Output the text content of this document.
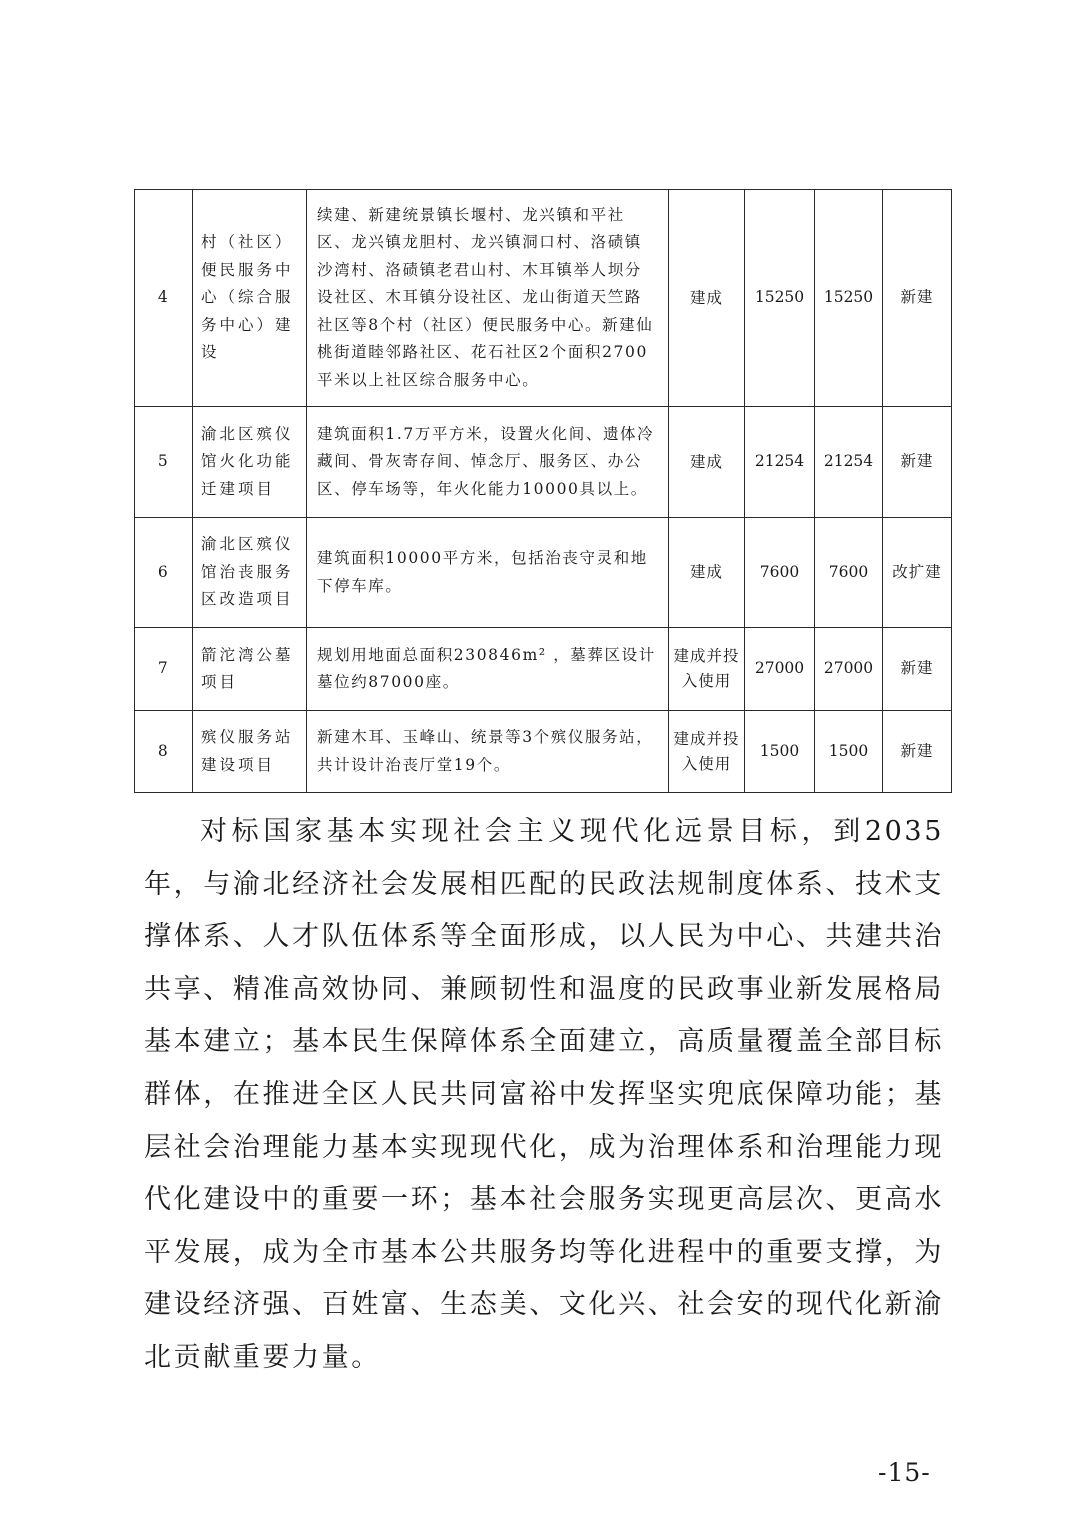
4	村（社区）便民服务中心（综合服务中心）建设	续建、新建统景镇长堰村、龙兴镇和平社区、龙兴镇龙胆村、龙兴镇洞口村、洛碛镇沙湾村、洛碛镇老君山村、木耳镇举人坝分设社区、木耳镇分设社区、龙山街道天竺路社区等8个村（社区）便民服务中心。新建仙桃街道睦邻路社区、花石社区2个面积2700平米以上社区综合服务中心。	建成	15250	15250	新建
5	渝北区殡仪馆火化功能迁建项目	建筑面积1.7万平方米，设置火化间、遗体冷藏间、骨灰寄存间、悼念厅、服务区、办公区、停车场等，年火化能力10000具以上。	建成	21254	21254	新建
6	渝北区殡仪馆治丧服务区改造项目	建筑面积10000平方米，包括治丧守灵和地下停车库。	建成	7600	7600	改扩建
7	箭沱湾公墓项目	规划用地面总面积230846m² ，墓葬区设计墓位约87000座。	建成并投入使用	27000	27000	新建
8	殡仪服务站建设项目	新建木耳、玉峰山、统景等3个殡仪服务站，共计设计治丧厅堂19个。	建成并投入使用	1500	1500	新建

对标国家基本实现社会主义现代化远景目标，到2035年，与渝北经济社会发展相匹配的民政法规制度体系、技术支撑体系、人才队伍体系等全面形成，以人民为中心、共建共治共享、精准高效协同、兼顾韧性和温度的民政事业新发展格局基本建立；基本民生保障体系全面建立，高质量覆盖全部目标群体，在推进全区人民共同富裕中发挥坚实兜底保障功能；基层社会治理能力基本实现现代化，成为治理体系和治理能力现代化建设中的重要一环；基本社会服务实现更高层次、更高水平发展，成为全市基本公共服务均等化进程中的重要支撑，为建设经济强、百姓富、生态美、文化兴、社会安的现代化新渝北贡献重要力量。

-15-
